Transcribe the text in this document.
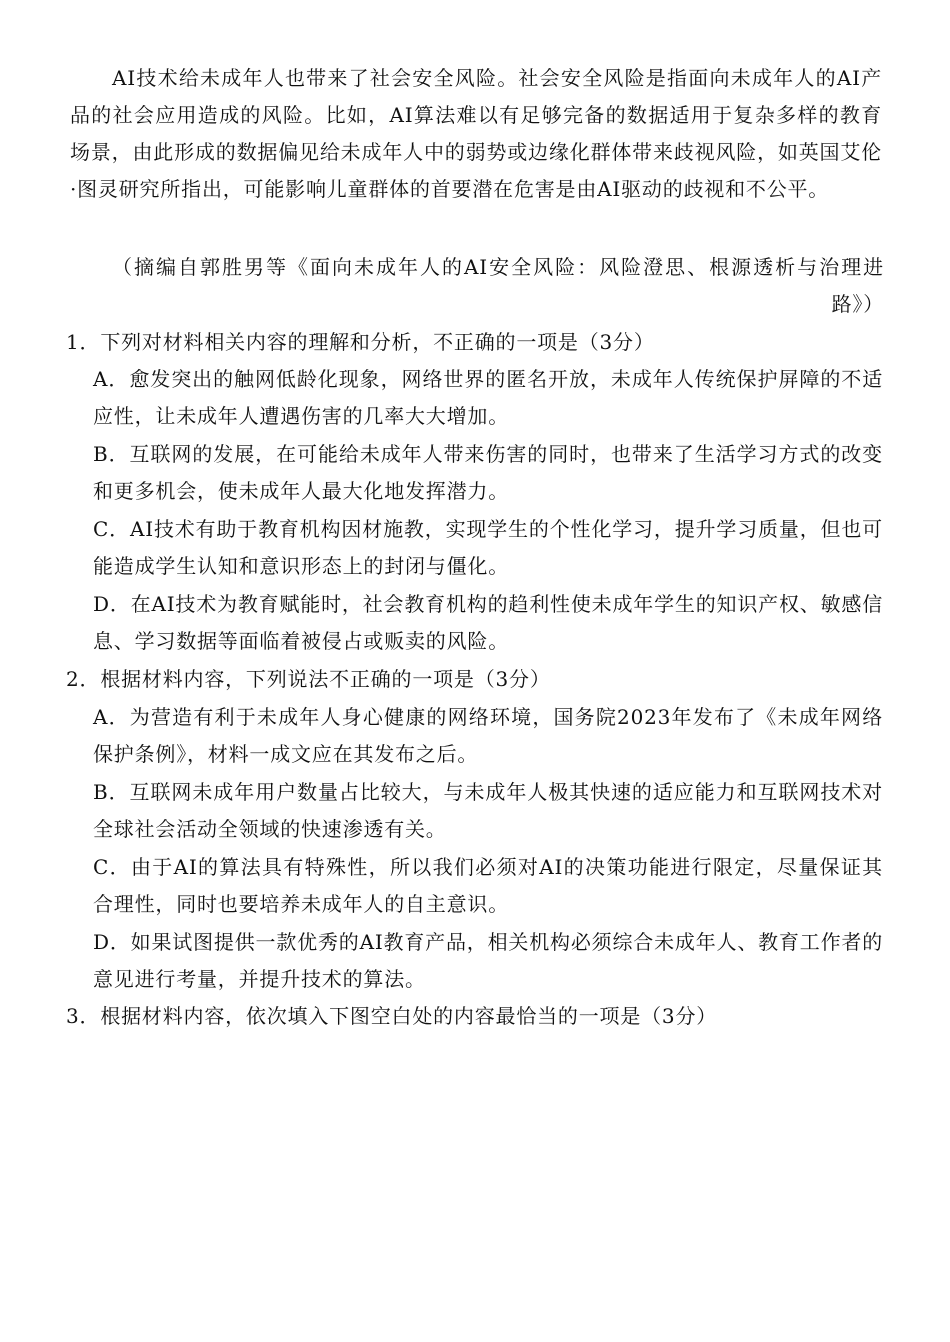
AI技术给未成年人也带来了社会安全风险。社会安全风险是指面向未成年人的AI产品的社会应用造成的风险。比如，AI算法难以有足够完备的数据适用于复杂多样的教育场景，由此形成的数据偏见给未成年人中的弱势或边缘化群体带来歧视风险，如英国艾伦·图灵研究所指出，可能影响儿童群体的首要潜在危害是由AI驱动的歧视和不公平。
（摘编自郭胜男等《面向未成年人的AI安全风险：风险澄思、根源透析与治理进路》）
1．下列对材料相关内容的理解和分析，不正确的一项是（3分）
A．愈发突出的触网低龄化现象，网络世界的匿名开放，未成年人传统保护屏障的不适应性，让未成年人遭遇伤害的几率大大增加。
B．互联网的发展，在可能给未成年人带来伤害的同时，也带来了生活学习方式的改变和更多机会，使未成年人最大化地发挥潜力。
C．AI技术有助于教育机构因材施教，实现学生的个性化学习，提升学习质量，但也可能造成学生认知和意识形态上的封闭与僵化。
D．在AI技术为教育赋能时，社会教育机构的趋利性使未成年学生的知识产权、敏感信息、学习数据等面临着被侵占或贩卖的风险。
2．根据材料内容，下列说法不正确的一项是（3分）
A．为营造有利于未成年人身心健康的网络环境，国务院2023年发布了《未成年网络保护条例》，材料一成文应在其发布之后。
B．互联网未成年用户数量占比较大，与未成年人极其快速的适应能力和互联网技术对全球社会活动全领域的快速渗透有关。
C．由于AI的算法具有特殊性，所以我们必须对AI的决策功能进行限定，尽量保证其合理性，同时也要培养未成年人的自主意识。
D．如果试图提供一款优秀的AI教育产品，相关机构必须综合未成年人、教育工作者的意见进行考量，并提升技术的算法。
3．根据材料内容，依次填入下图空白处的内容最恰当的一项是（3分）
